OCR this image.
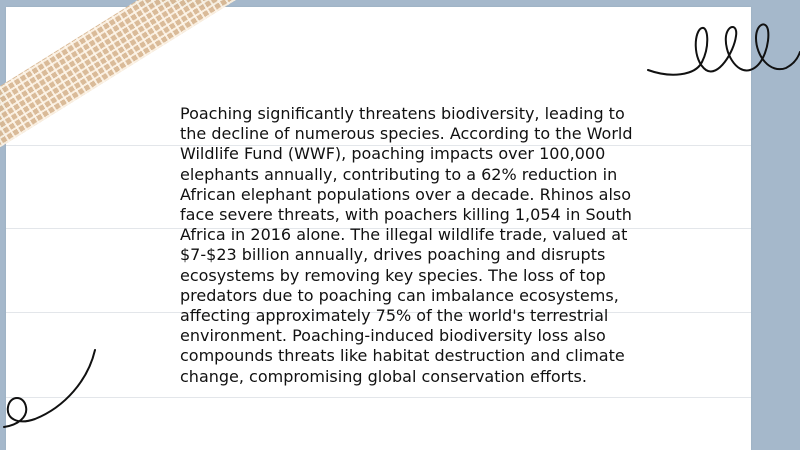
Poaching significantly threatens biodiversity, leading to the decline of numerous species. According to the World Wildlife Fund (WWF), poaching impacts over 100,000 elephants annually, contributing to a 62% reduction in African elephant populations over a decade. Rhinos also face severe threats, with poachers killing 1,054 in South Africa in 2016 alone. The illegal wildlife trade, valued at $7-$23 billion annually, drives poaching and disrupts ecosystems by removing key species. The loss of top predators due to poaching can imbalance ecosystems, affecting approximately 75% of the world's terrestrial environment. Poaching-induced biodiversity loss also compounds threats like habitat destruction and climate change, compromising global conservation efforts.
